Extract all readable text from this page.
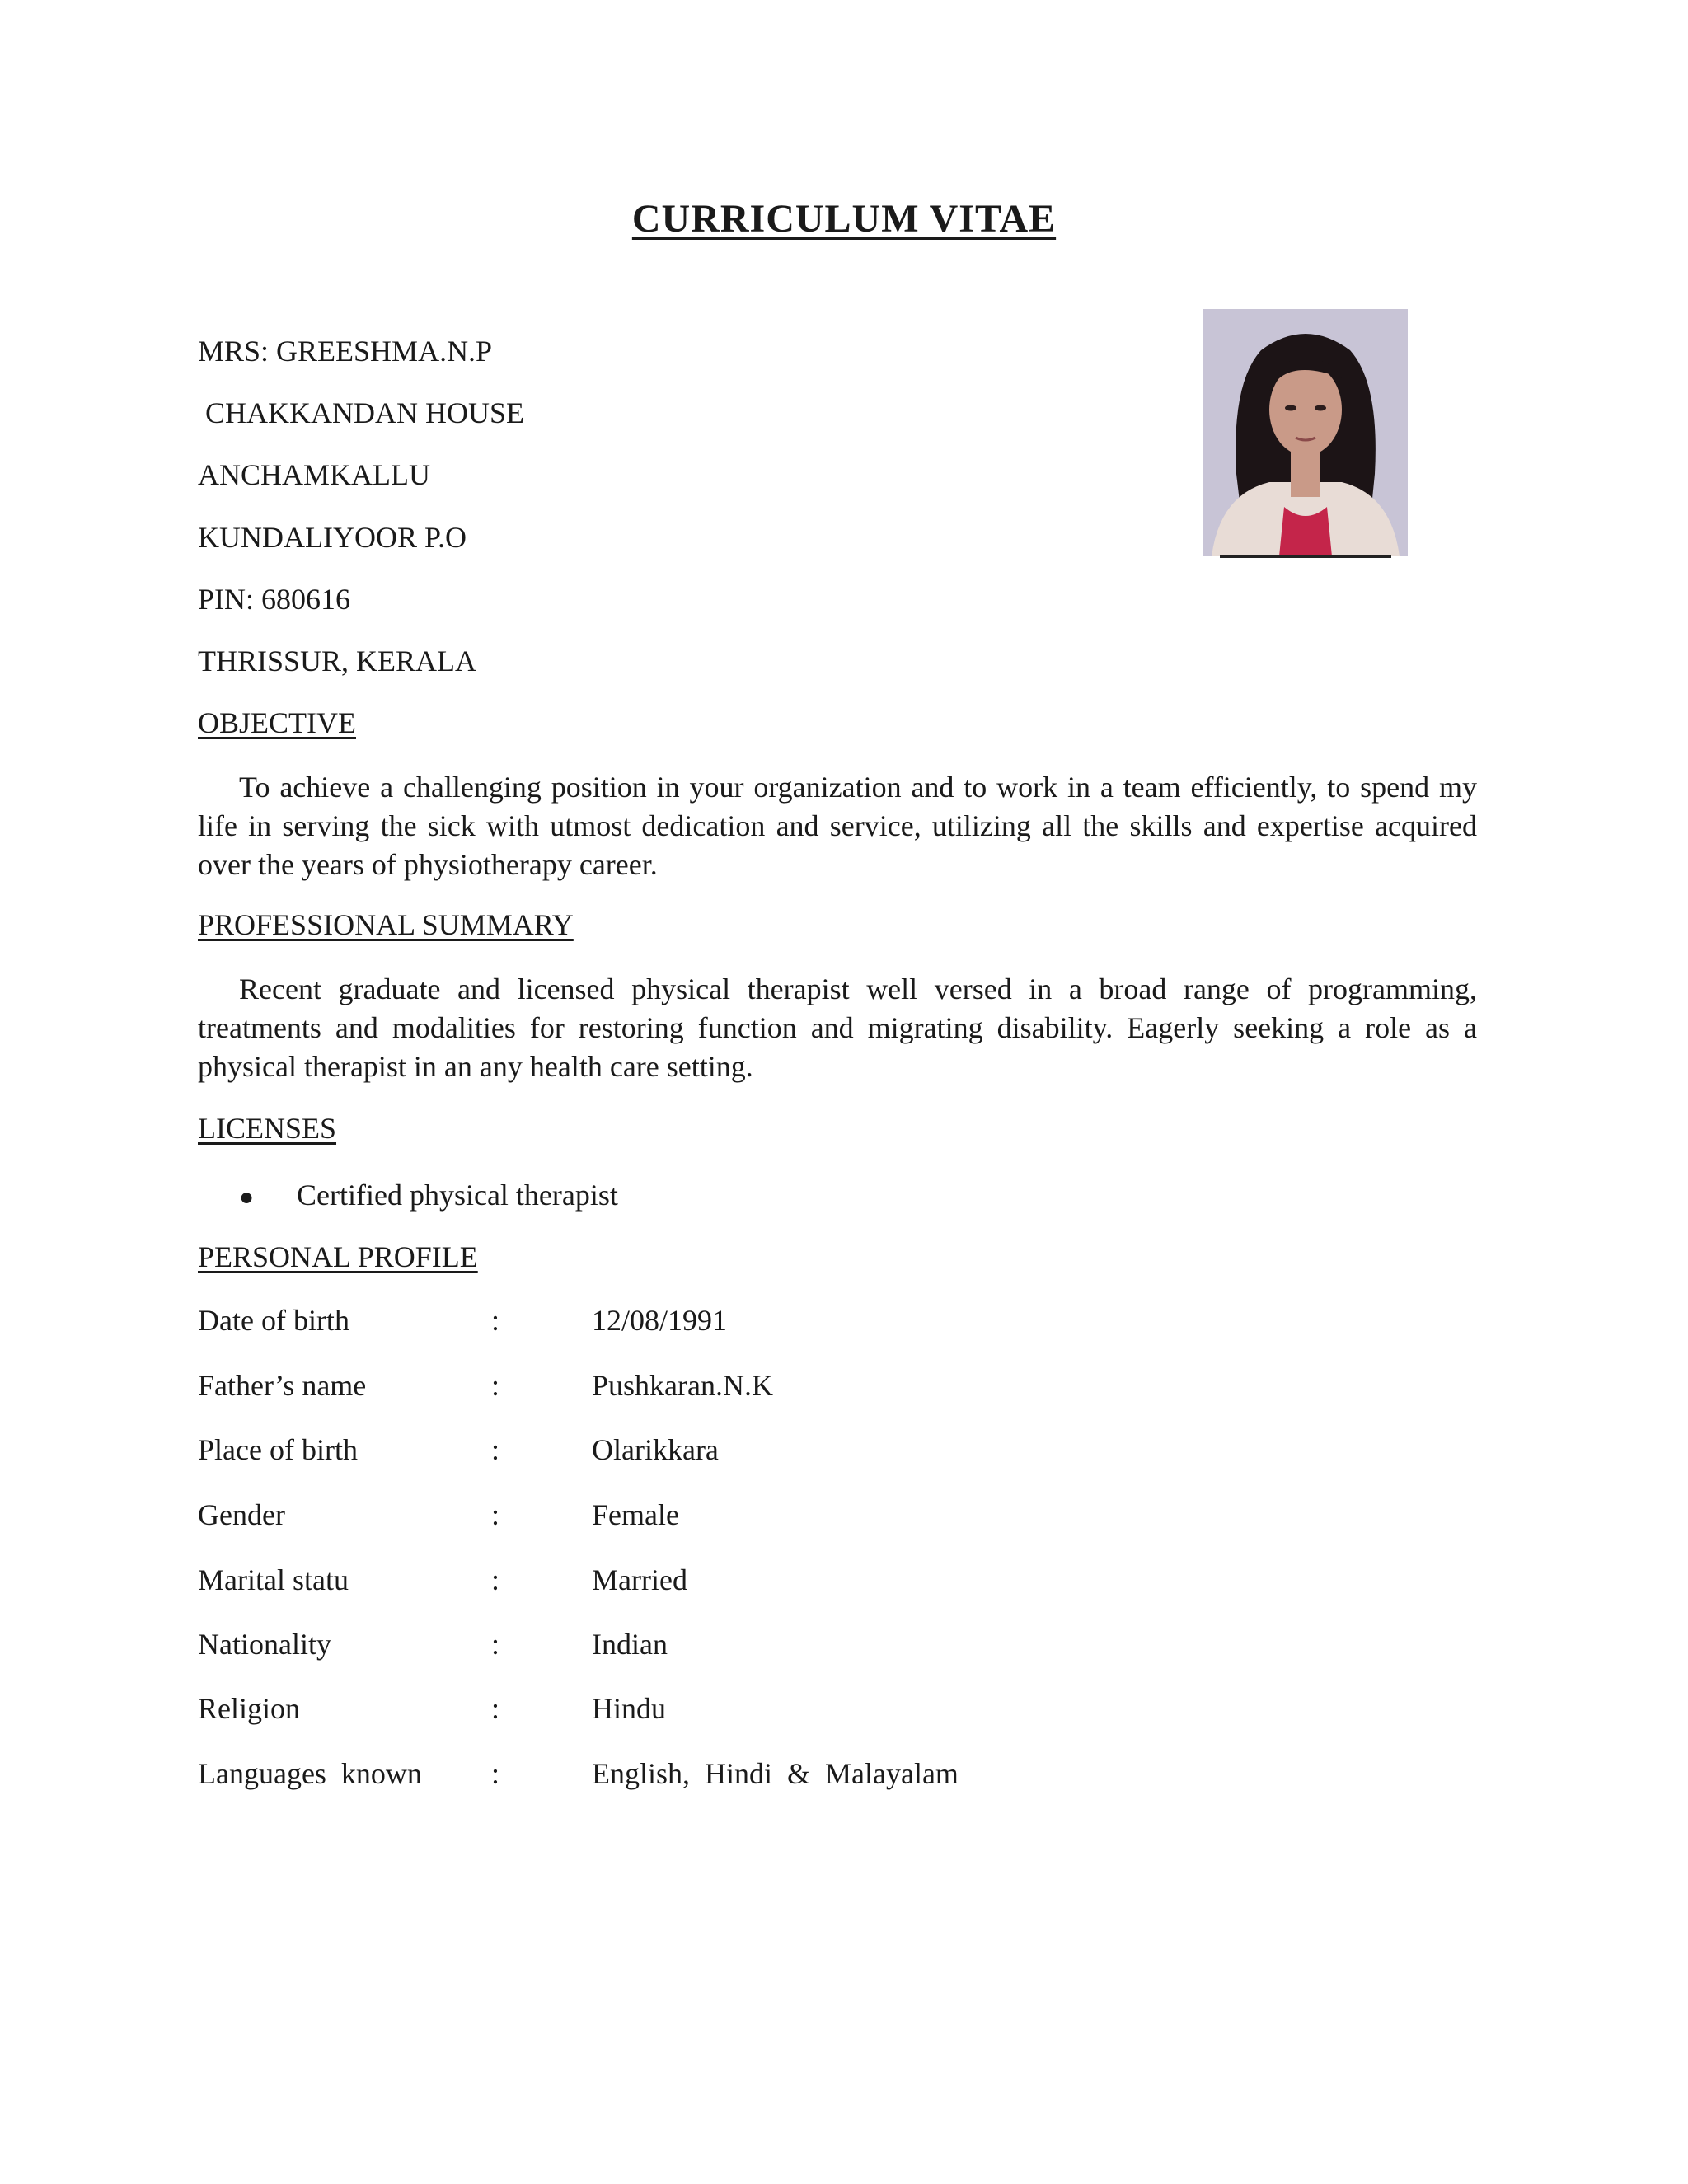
CURRICULUM VITAE

MRS: GREESHMA.N.P

CHAKKANDAN HOUSE

ANCHAMKALLU

KUNDALIYOOR P.O

PIN: 680616

THRISSUR, KERALA

OBJECTIVE

To achieve a challenging position in your organization and to work in a team efficiently, to spend my life in serving the sick with utmost dedication and service, utilizing all the skills and expertise acquired over the years of physiotherapy career.

PROFESSIONAL SUMMARY

Recent graduate and licensed physical therapist well versed in a broad range of programming, treatments and modalities for restoring function and migrating disability. Eagerly seeking a role as a physical therapist in an any health care setting.

LICENSES

● Certified physical therapist

PERSONAL PROFILE

Date of birth	:	12/08/1991
Father’s name	:	Pushkaran.N.K
Place of birth	:	Olarikkara
Gender	:	Female
Marital statu	:	Married
Nationality	:	Indian
Religion	:	Hindu
Languages  known :	English,  Hindi  &  Malayalam
